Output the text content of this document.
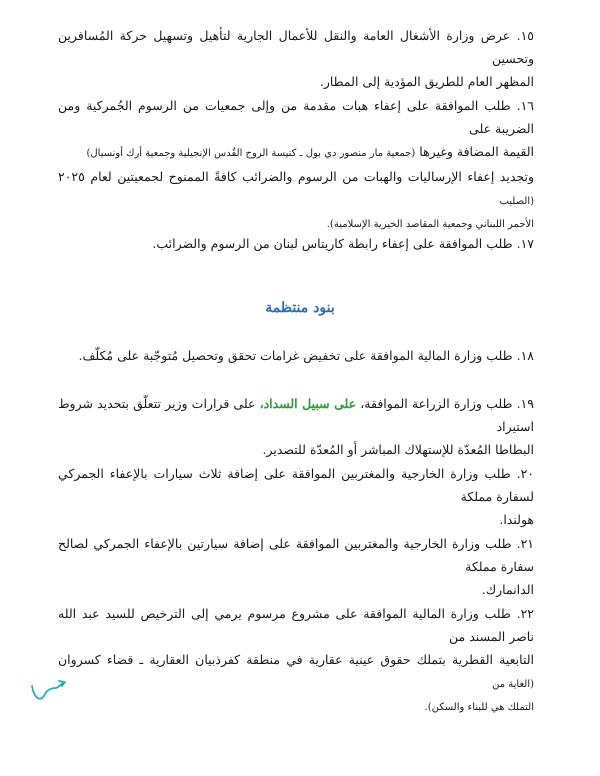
١٥. عرض وزارة الأشغال العامة والنقل للأعمال الجارية لتأهيل وتسهيل حركة المُسافرين وتحسين
المظهر العام للطريق المؤدية إلى المطار.
١٦. طلب الموافقة على إعفاء هبات مقدمة من وإلى جمعيات من الرسوم الجُمركية ومن الضريبة على
القيمة المضافة وغيرها (جمعية مار منصور دي بول ـ كنيسة الروح القُدس الإنجيلية وجمعية أرك أونسيال)
وتجديد إعفاء الإرساليات والهبات من الرسوم والضرائب كافةً الممنوح لجمعيتين لعام ٢٠٢٥ (الصليب
الأحمر اللبناني وجمعية المقاصد الخيرية الإسلامية).
١٧. طلب الموافقة على إعفاء رابطة كاريتاس لبنان من الرسوم والضرائب.
بنود منتظمة
١٨. طلب وزارة المالية الموافقة على تخفيض غرامات تحقق وتحصيل مُتوجّبة على مُكلّف.
١٩. طلب وزارة الزراعة الموافقة، على سبيل السداد، على قرارات وزير تتعلّق بتحديد شروط استيراد
البطاطا المُعدّة للإستهلاك المباشر أو المُعدّة للتصدير.
٢٠. طلب وزارة الخارجية والمغتربين الموافقة على إضافة ثلاث سيارات بالإعفاء الجمركي لسفارة مملكة
هولندا.
٢١. طلب وزارة الخارجية والمغتربين الموافقة على إضافة سيارتين بالإعفاء الجمركي لصالح سفارة مملكة
الدانمارك.
٢٢. طلب وزارة المالية الموافقة على مشروع مرسوم يرمي إلى الترخيص للسيد عبد الله ناصر المسند من
التابعية القطرية بتملك حقوق عينية عقارية في منطقة كفرذبيان العقارية ـ قضاء كسروان (الغاية من
التملك هي للبناء والسكن).
